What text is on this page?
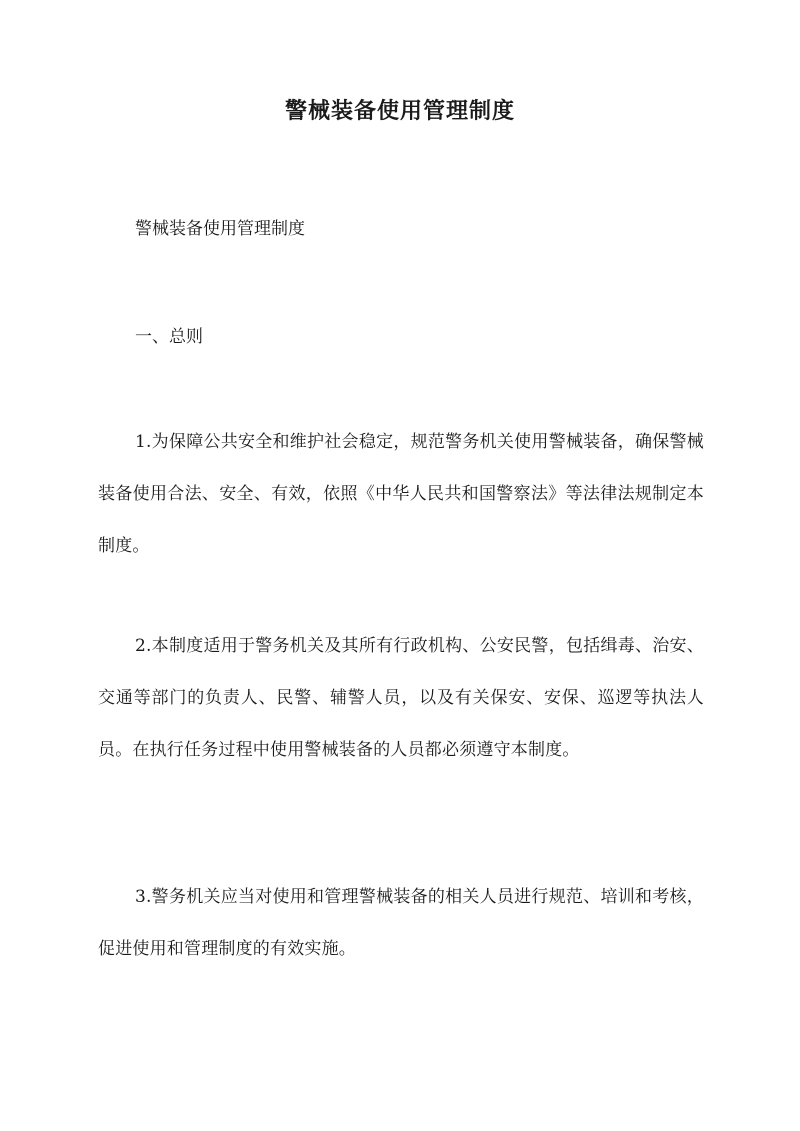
警械装备使用管理制度

警械装备使用管理制度

一、总则

1.为保障公共安全和维护社会稳定，规范警务机关使用警械装备，确保警械装备使用合法、安全、有效，依照《中华人民共和国警察法》等法律法规制定本制度。

2.本制度适用于警务机关及其所有行政机构、公安民警，包括缉毒、治安、交通等部门的负责人、民警、辅警人员，以及有关保安、安保、巡逻等执法人员。在执行任务过程中使用警械装备的人员都必须遵守本制度。

3.警务机关应当对使用和管理警械装备的相关人员进行规范、培训和考核，促进使用和管理制度的有效实施。
